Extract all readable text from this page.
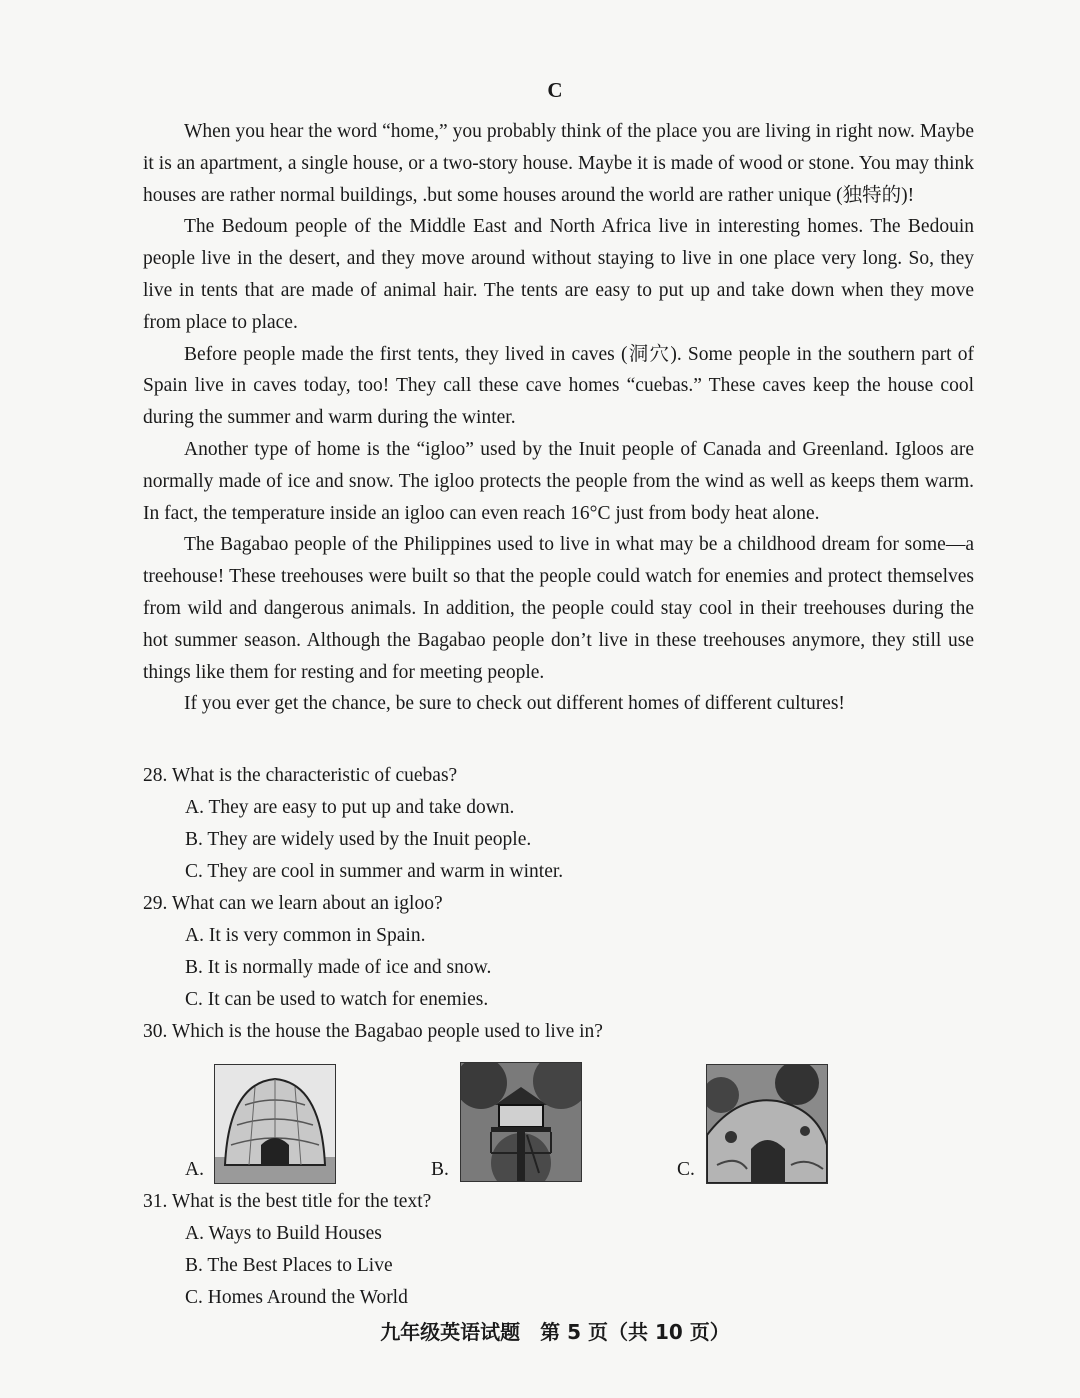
C

When you hear the word “home,” you probably think of the place you are living in right now. Maybe it is an apartment, a single house, or a two-story house. Maybe it is made of wood or stone. You may think houses are rather normal buildings, .but some houses around the world are rather unique (独特的)!

The Bedoum people of the Middle East and North Africa live in interesting homes. The Bedouin people live in the desert, and they move around without staying to live in one place very long. So, they live in tents that are made of animal hair. The tents are easy to put up and take down when they move from place to place.

Before people made the first tents, they lived in caves (洞穴). Some people in the southern part of Spain live in caves today, too! They call these cave homes “cuebas.” These caves keep the house cool during the summer and warm during the winter.

Another type of home is the “igloo” used by the Inuit people of Canada and Greenland. Igloos are normally made of ice and snow. The igloo protects the people from the wind as well as keeps them warm. In fact, the temperature inside an igloo can even reach 16°C just from body heat alone.

The Bagabao people of the Philippines used to live in what may be a childhood dream for some—a treehouse! These treehouses were built so that the people could watch for enemies and protect themselves from wild and dangerous animals. In addition, the people could stay cool in their treehouses during the hot summer season. Although the Bagabao people don’t live in these treehouses anymore, they still use things like them for resting and for meeting people.

If you ever get the chance, be sure to check out different homes of different cultures!

28. What is the characteristic of cuebas?

A. They are easy to put up and take down.

B. They are widely used by the Inuit people.

C. They are cool in summer and warm in winter.

29. What can we learn about an igloo?

A. It is very common in Spain.

B. It is normally made of ice and snow.

C. It can be used to watch for enemies.

30. Which is the house the Bagabao people used to live in?

A.	B.	C.

31. What is the best title for the text?

A. Ways to Build Houses

B. The Best Places to Live

C. Homes Around the World

九年级英语试题　第 5 页（共 10 页）
